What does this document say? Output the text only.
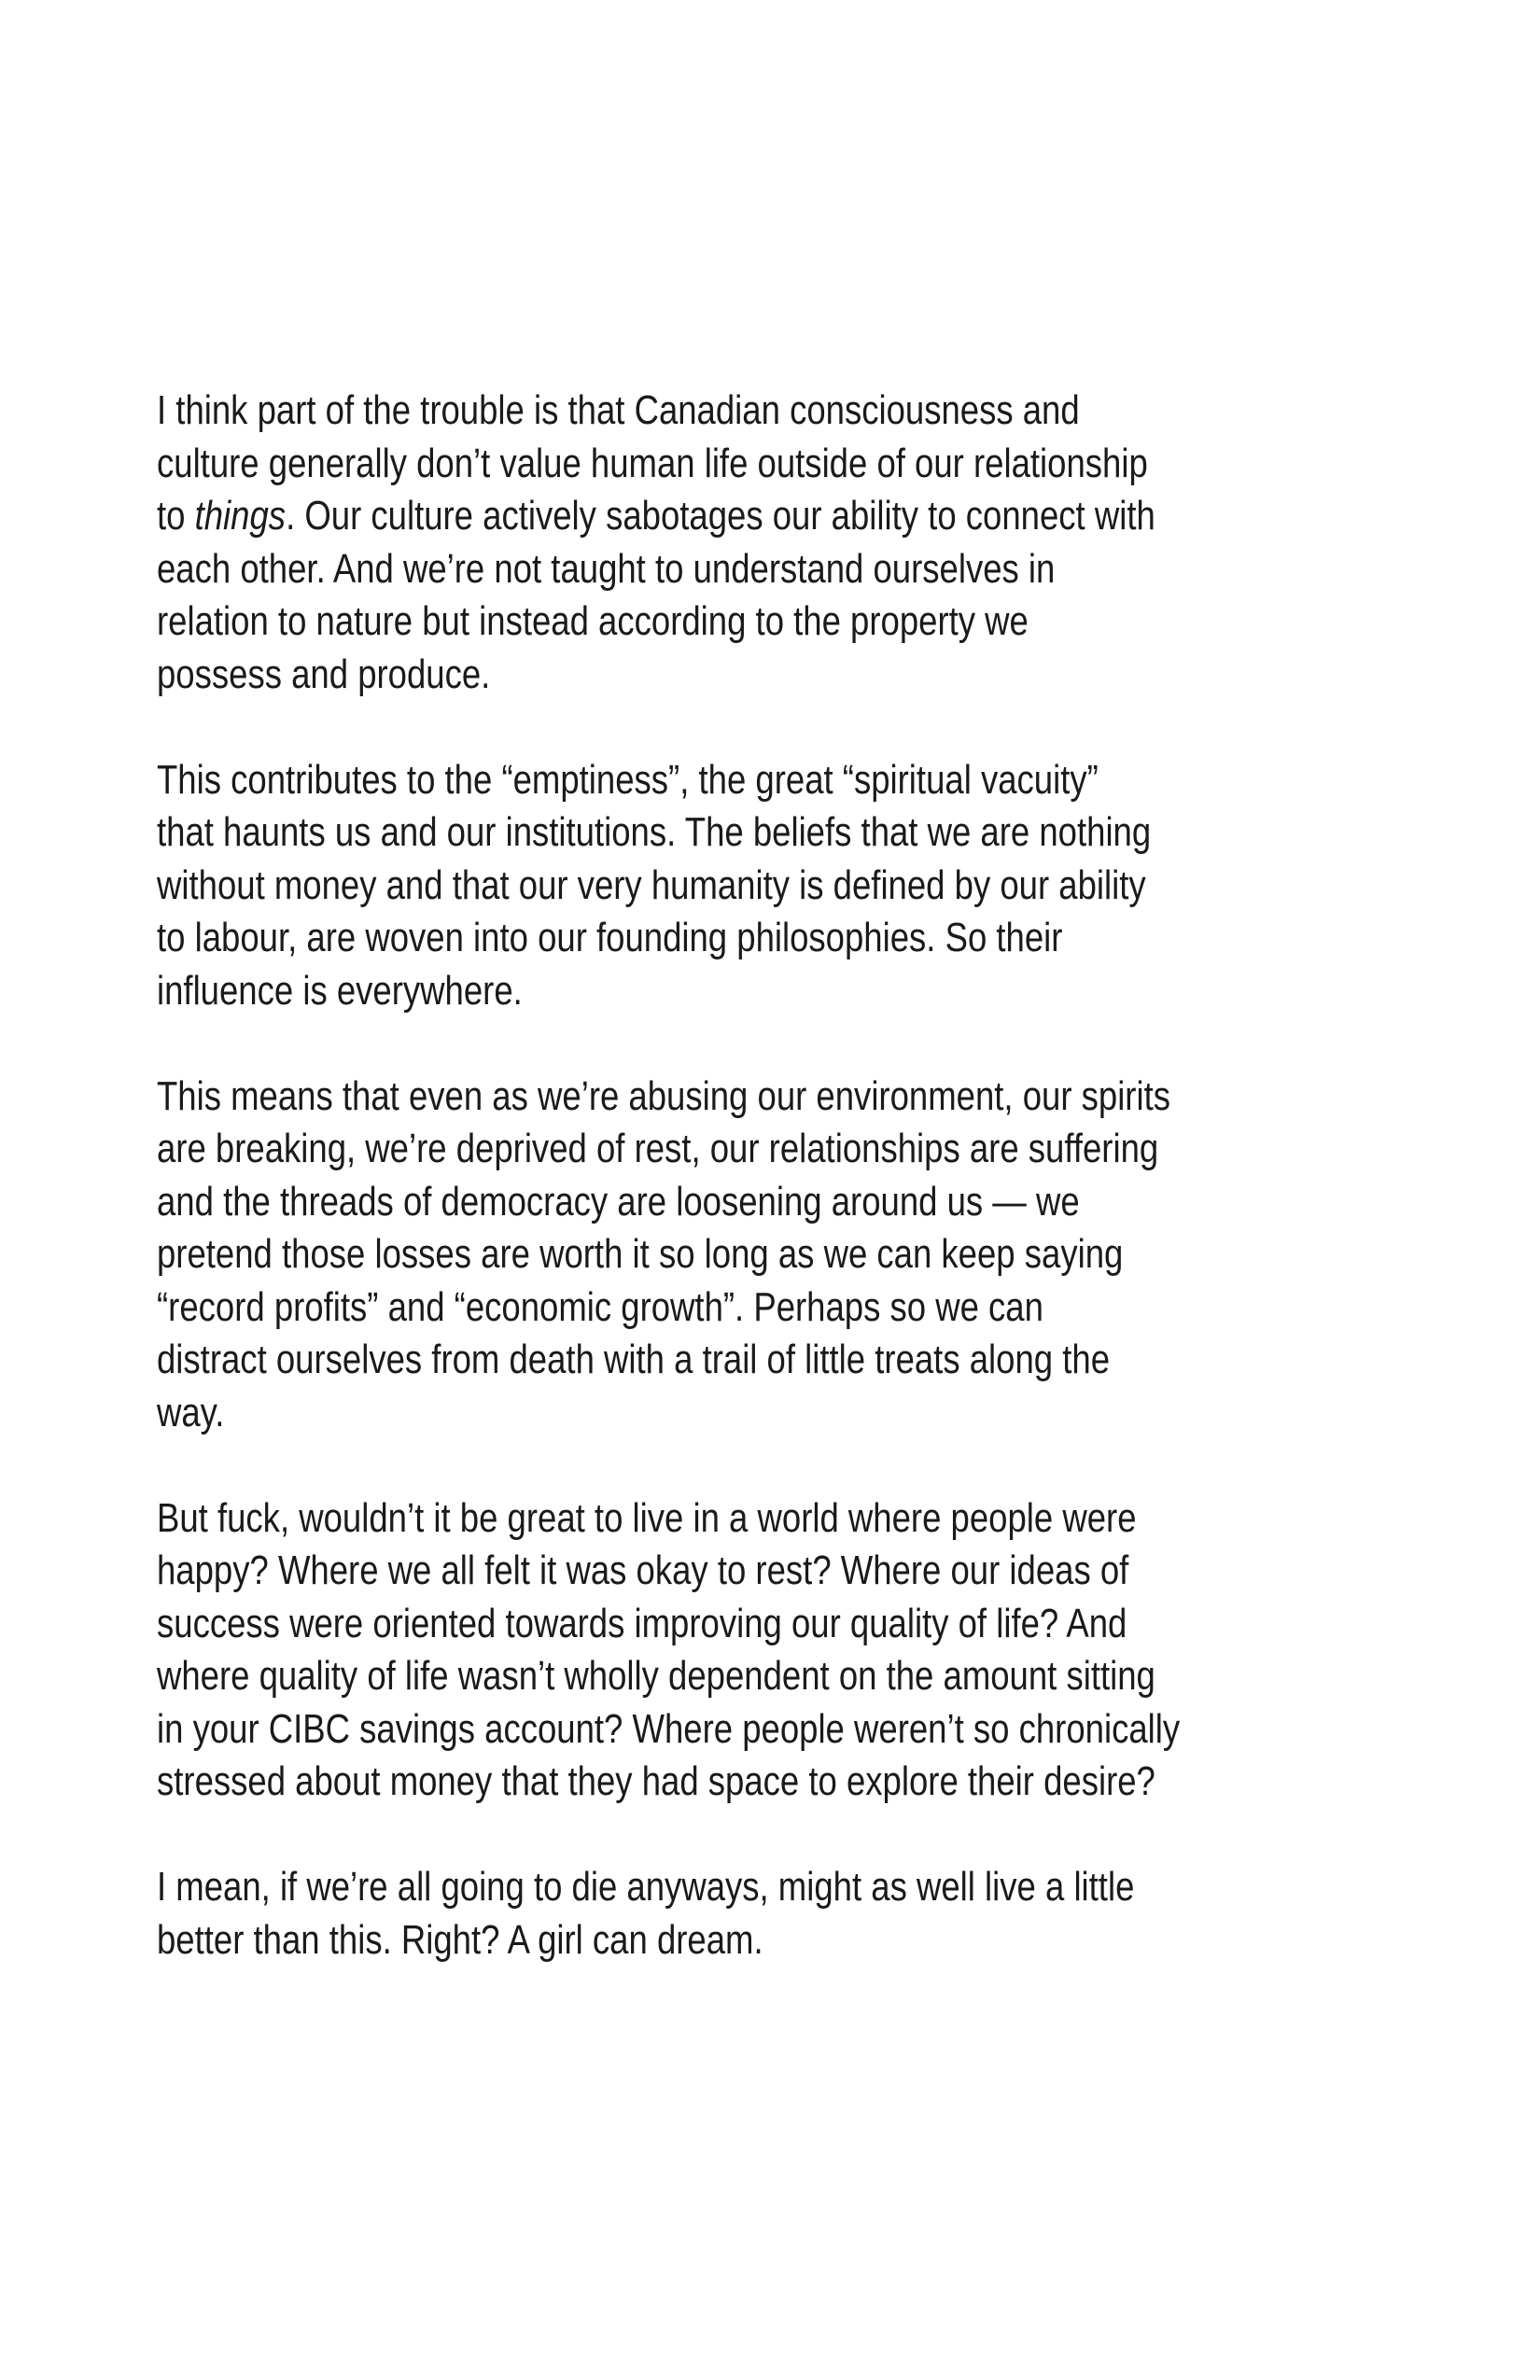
I think part of the trouble is that Canadian consciousness and
culture generally don’t value human life outside of our relationship
to things. Our culture actively sabotages our ability to connect with
each other. And we’re not taught to understand ourselves in
relation to nature but instead according to the property we
possess and produce.

This contributes to the “emptiness”, the great “spiritual vacuity”
that haunts us and our institutions. The beliefs that we are nothing
without money and that our very humanity is defined by our ability
to labour, are woven into our founding philosophies. So their
influence is everywhere.

This means that even as we’re abusing our environment, our spirits
are breaking, we’re deprived of rest, our relationships are suffering
and the threads of democracy are loosening around us — we
pretend those losses are worth it so long as we can keep saying
“record profits” and “economic growth”. Perhaps so we can
distract ourselves from death with a trail of little treats along the
way.

But fuck, wouldn’t it be great to live in a world where people were
happy? Where we all felt it was okay to rest? Where our ideas of
success were oriented towards improving our quality of life? And
where quality of life wasn’t wholly dependent on the amount sitting
in your CIBC savings account? Where people weren’t so chronically
stressed about money that they had space to explore their desire?

I mean, if we’re all going to die anyways, might as well live a little
better than this. Right? A girl can dream.
